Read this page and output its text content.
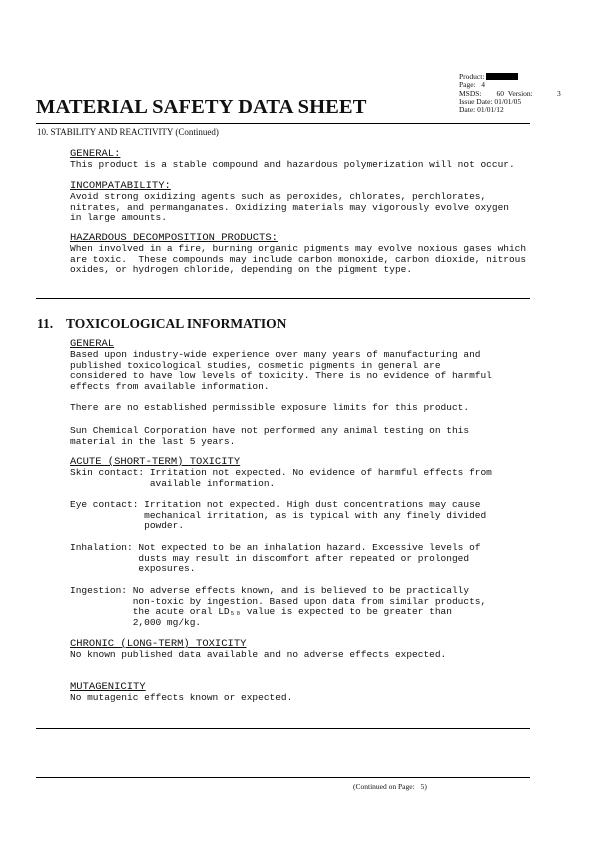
Product:
Page: 4
MSDS: 60 Version:	3
Issue Date: 01/01/05
Date: 01/01/12
MATERIAL SAFETY DATA SHEET
10. STABILITY AND REACTIVITY (Continued)
GENERAL:
This product is a stable compound and hazardous polymerization will not occur.
INCOMPATABILITY:
Avoid strong oxidizing agents such as peroxides, chlorates, perchlorates,
nitrates, and permanganates. Oxidizing materials may vigorously evolve oxygen
in large amounts.
HAZARDOUS DECOMPOSITION PRODUCTS:
When involved in a fire, burning organic pigments may evolve noxious gases which
are toxic.  These compounds may include carbon monoxide, carbon dioxide, nitrous
oxides, or hydrogen chloride, depending on the pigment type.
11. TOXICOLOGICAL INFORMATION
GENERAL
Based upon industry-wide experience over many years of manufacturing and
published toxicological studies, cosmetic pigments in general are
considered to have low levels of toxicity. There is no evidence of harmful
effects from available information.
There are no established permissible exposure limits for this product.
Sun Chemical Corporation have not performed any animal testing on this
material in the last 5 years.
ACUTE (SHORT-TERM) TOXICITY
Skin contact: Irritation not expected. No evidence of harmful effects from
available information.
Eye contact: Irritation not expected. High dust concentrations may cause
mechanical irritation, as is typical with any finely divided
powder.
Inhalation: Not expected to be an inhalation hazard. Excessive levels of
dusts may result in discomfort after repeated or prolonged
exposures.
Ingestion: No adverse effects known, and is believed to be practically
non-toxic by ingestion. Based upon data from similar products,
the acute oral LD₅₀ value is expected to be greater than
2,000 mg/kg.
CHRONIC (LONG-TERM) TOXICITY
No known published data available and no adverse effects expected.
MUTAGENICITY
No mutagenic effects known or expected.
(Continued on Page: 5)
